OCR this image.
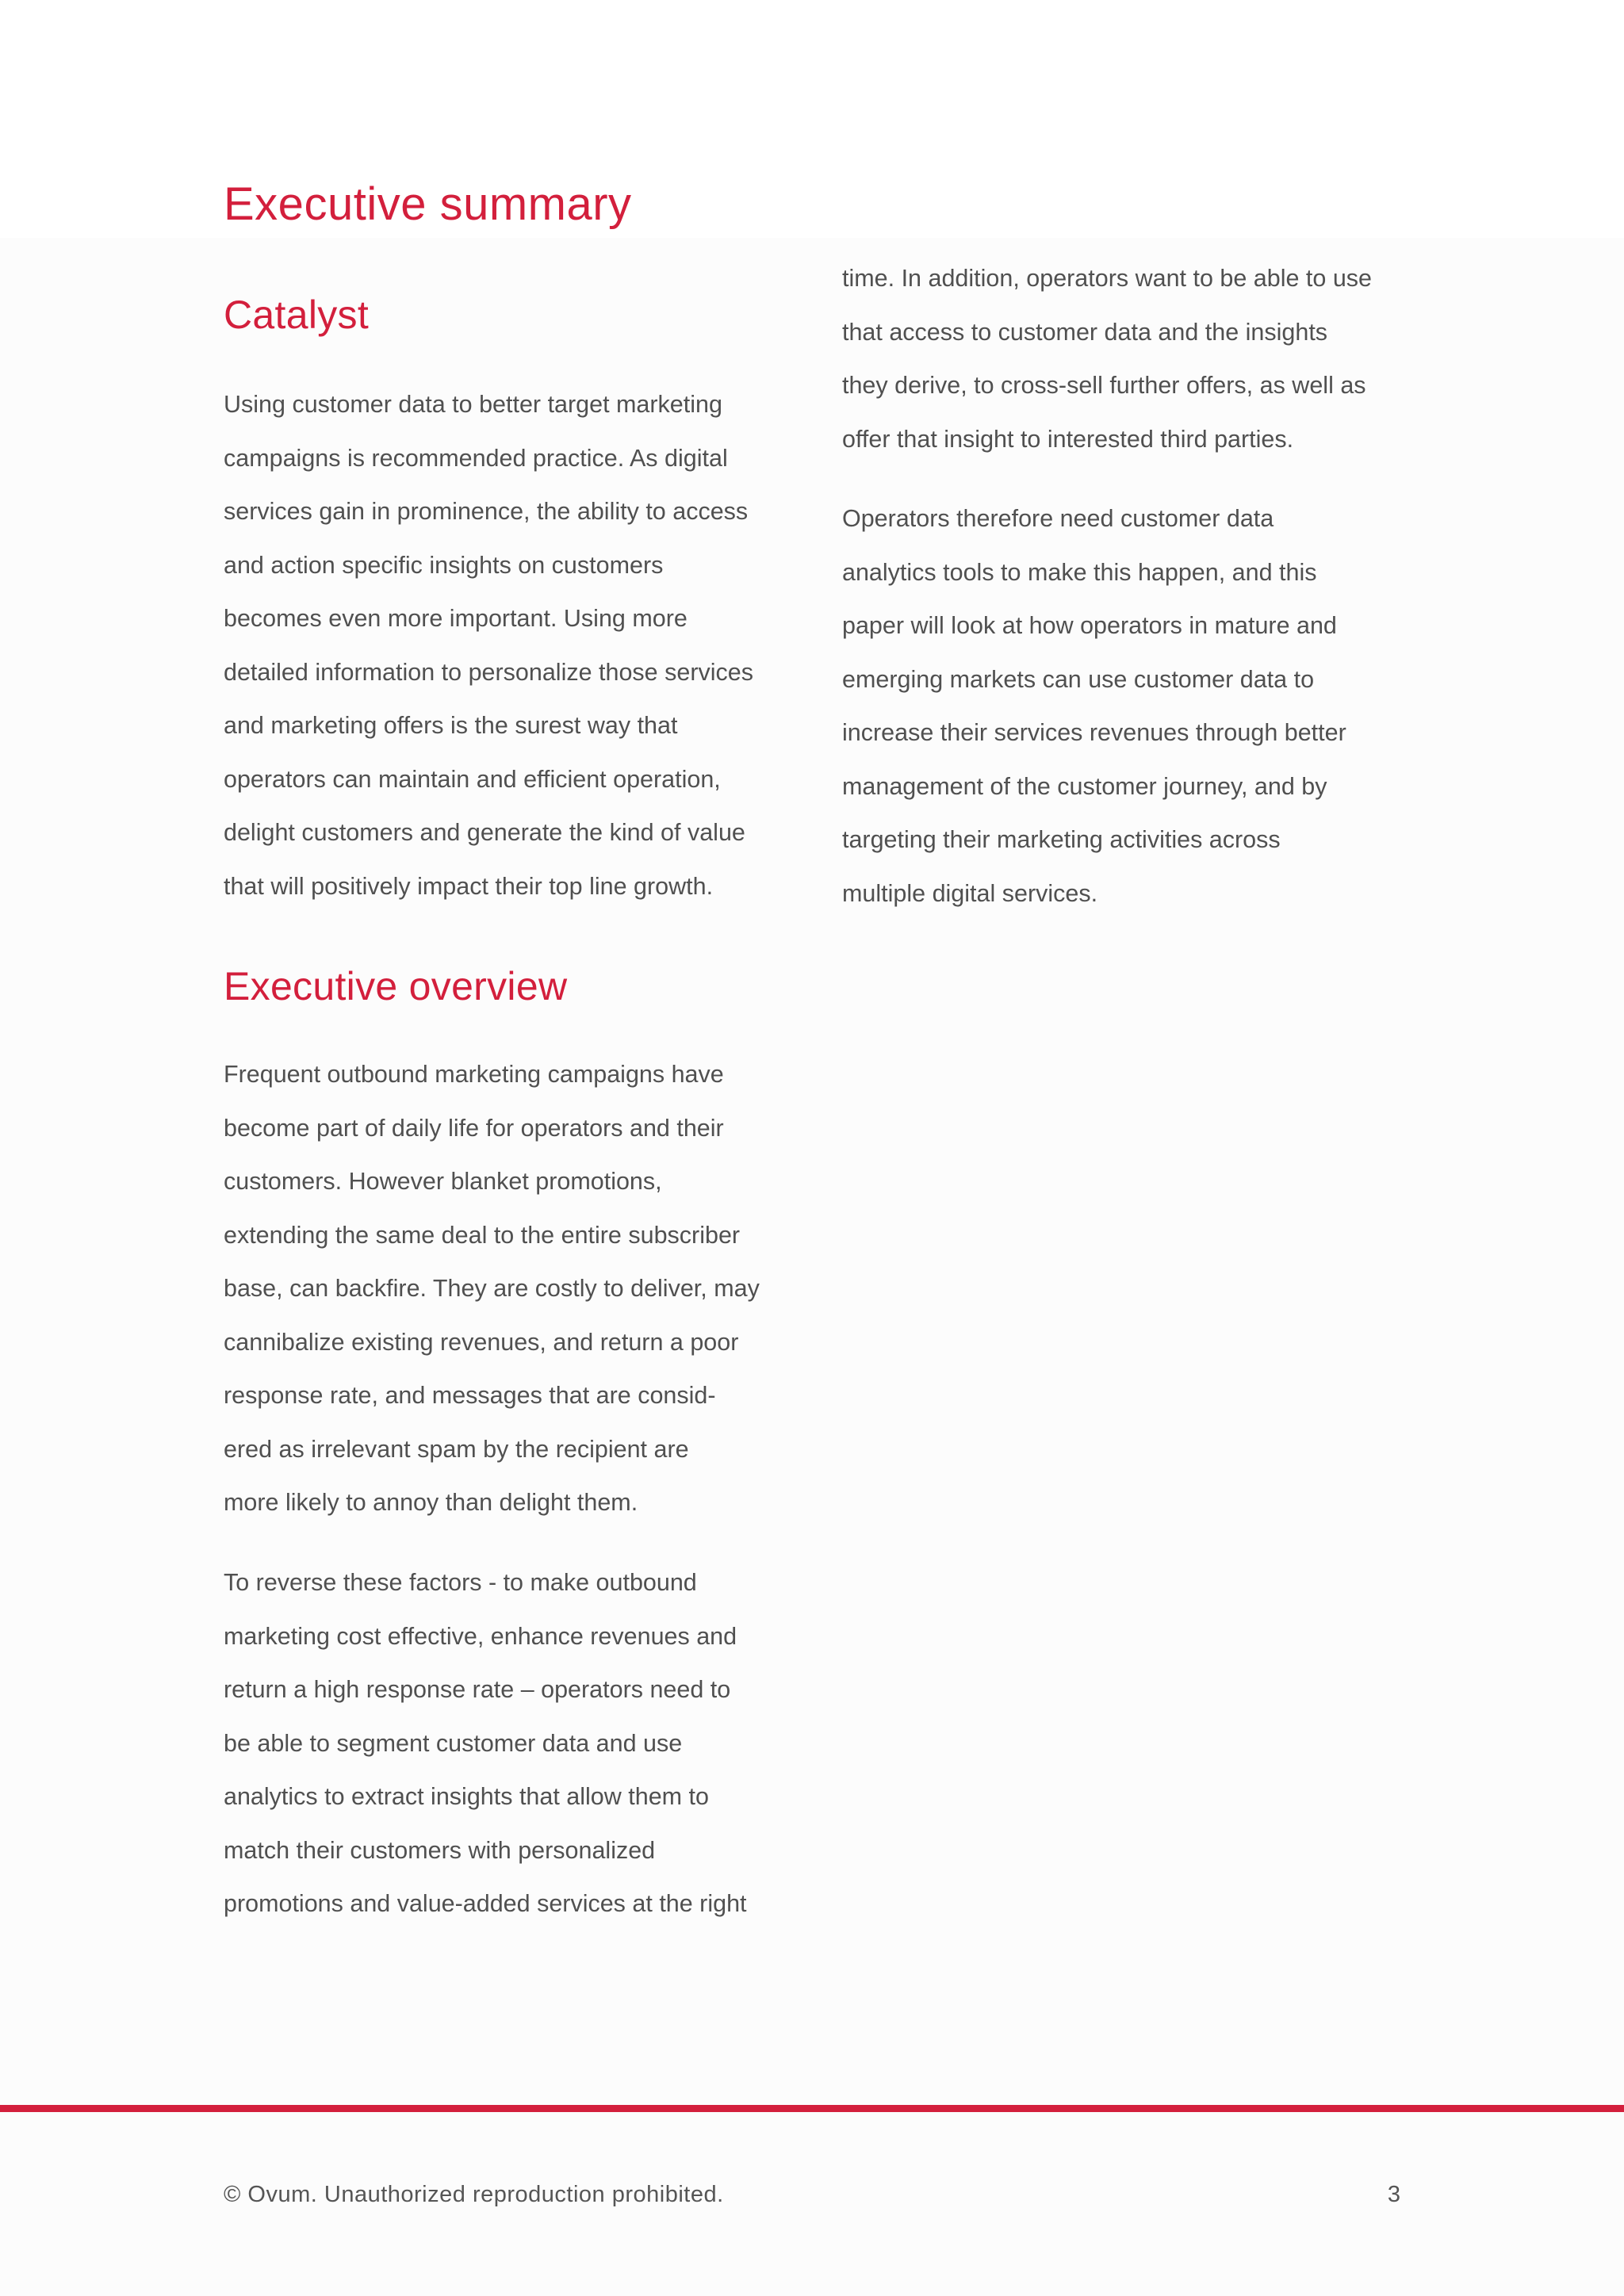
Executive summary
Catalyst
Using customer data to better target marketing
campaigns is recommended practice. As digital
services gain in prominence, the ability to access
and action specific insights on customers
becomes even more important. Using more
detailed information to personalize those services
and marketing offers is the surest way that
operators can maintain and efficient operation,
delight customers and generate the kind of value
that will positively impact their top line growth.
Executive overview
Frequent outbound marketing campaigns have
become part of daily life for operators and their
customers. However blanket promotions,
extending the same deal to the entire subscriber
base, can backfire. They are costly to deliver, may
cannibalize existing revenues, and return a poor
response rate, and messages that are consid-
ered as irrelevant spam by the recipient are
more likely to annoy than delight them.
To reverse these factors - to make outbound
marketing cost effective, enhance revenues and
return a high response rate – operators need to
be able to segment customer data and use
analytics to extract insights that allow them to
match their customers with personalized
promotions and value-added services at the right
time. In addition, operators want to be able to use
that access to customer data and the insights
they derive, to cross-sell further offers, as well as
offer that insight to interested third parties.
Operators therefore need customer data
analytics tools to make this happen, and this
paper will look at how operators in mature and
emerging markets can use customer data to
increase their services revenues through better
management of the customer journey, and by
targeting their marketing activities across
multiple digital services.
© Ovum. Unauthorized reproduction prohibited.	3
